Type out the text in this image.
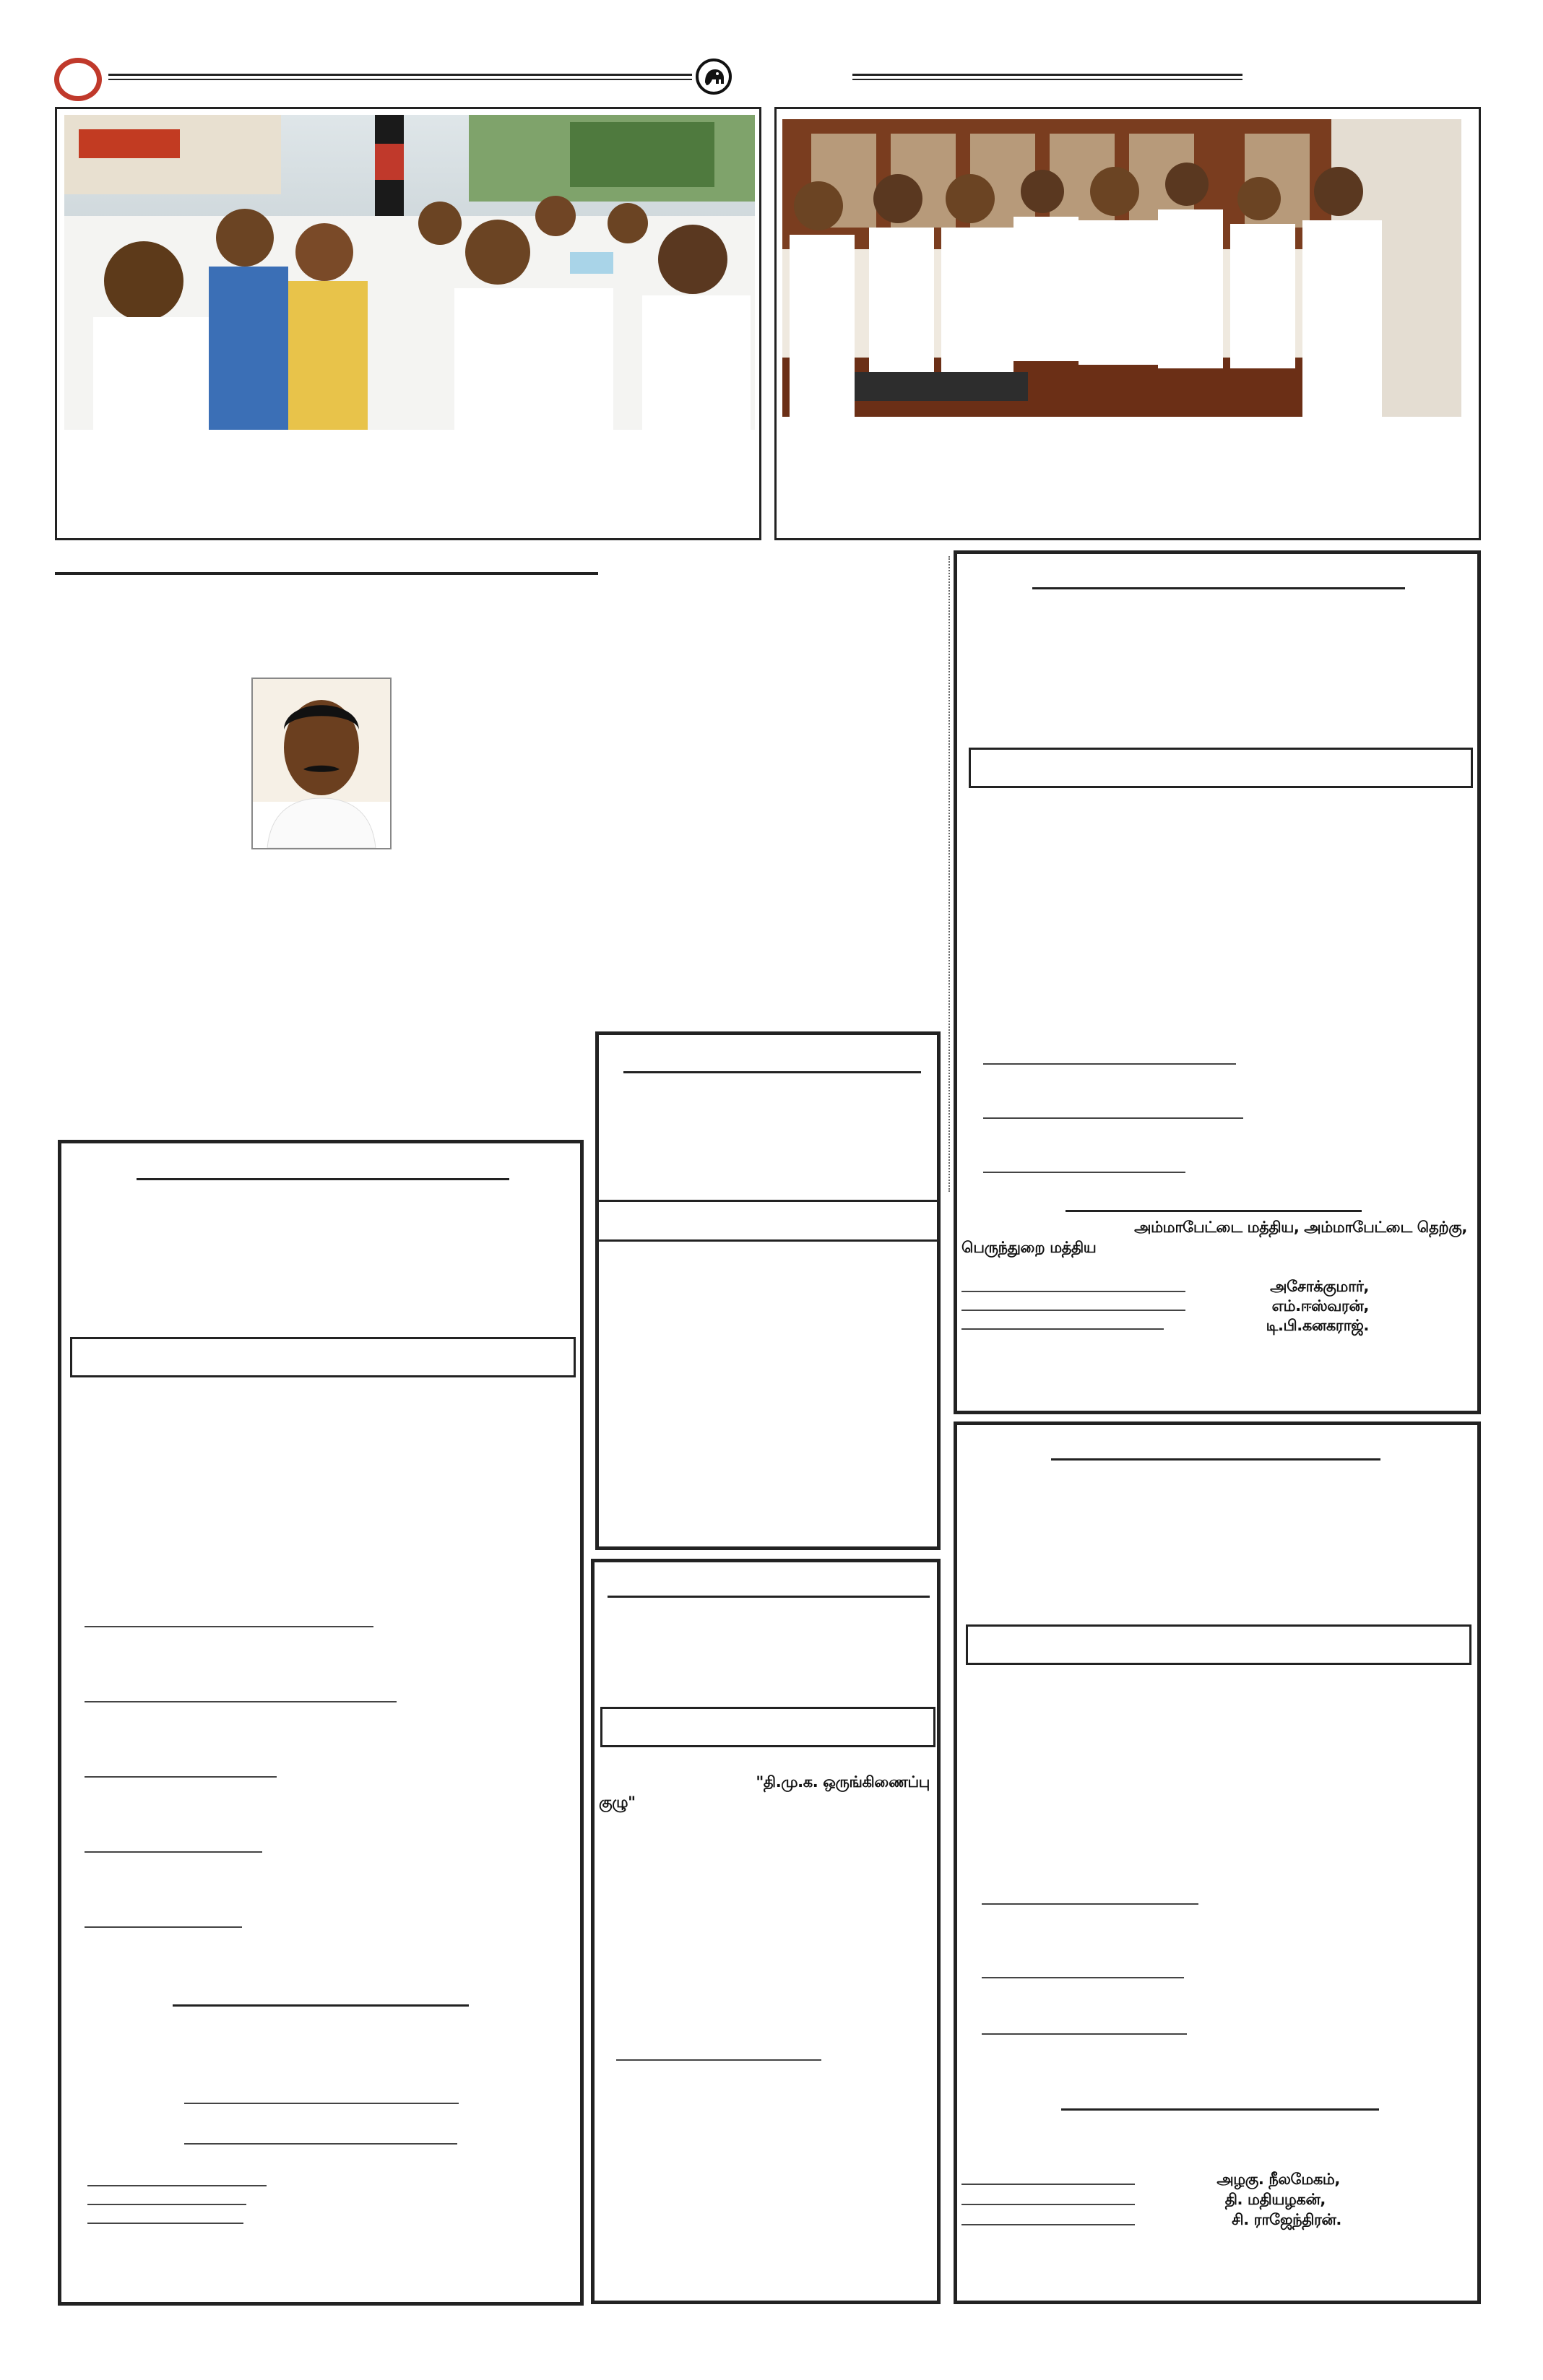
அம்மாபேட்டை மத்திய, அம்மாபேட்டை தெற்கு,
பெருந்துறை மத்திய
அசோக்குமார்,
எம்.ஈஸ்வரன்,
டி.பி.கனகராஜ்.
"தி.மு.க. ஒருங்கிணைப்பு
குழு"
அழகு. நீலமேகம்,
தி. மதியழகன்,
சி. ராஜேந்திரன்.
